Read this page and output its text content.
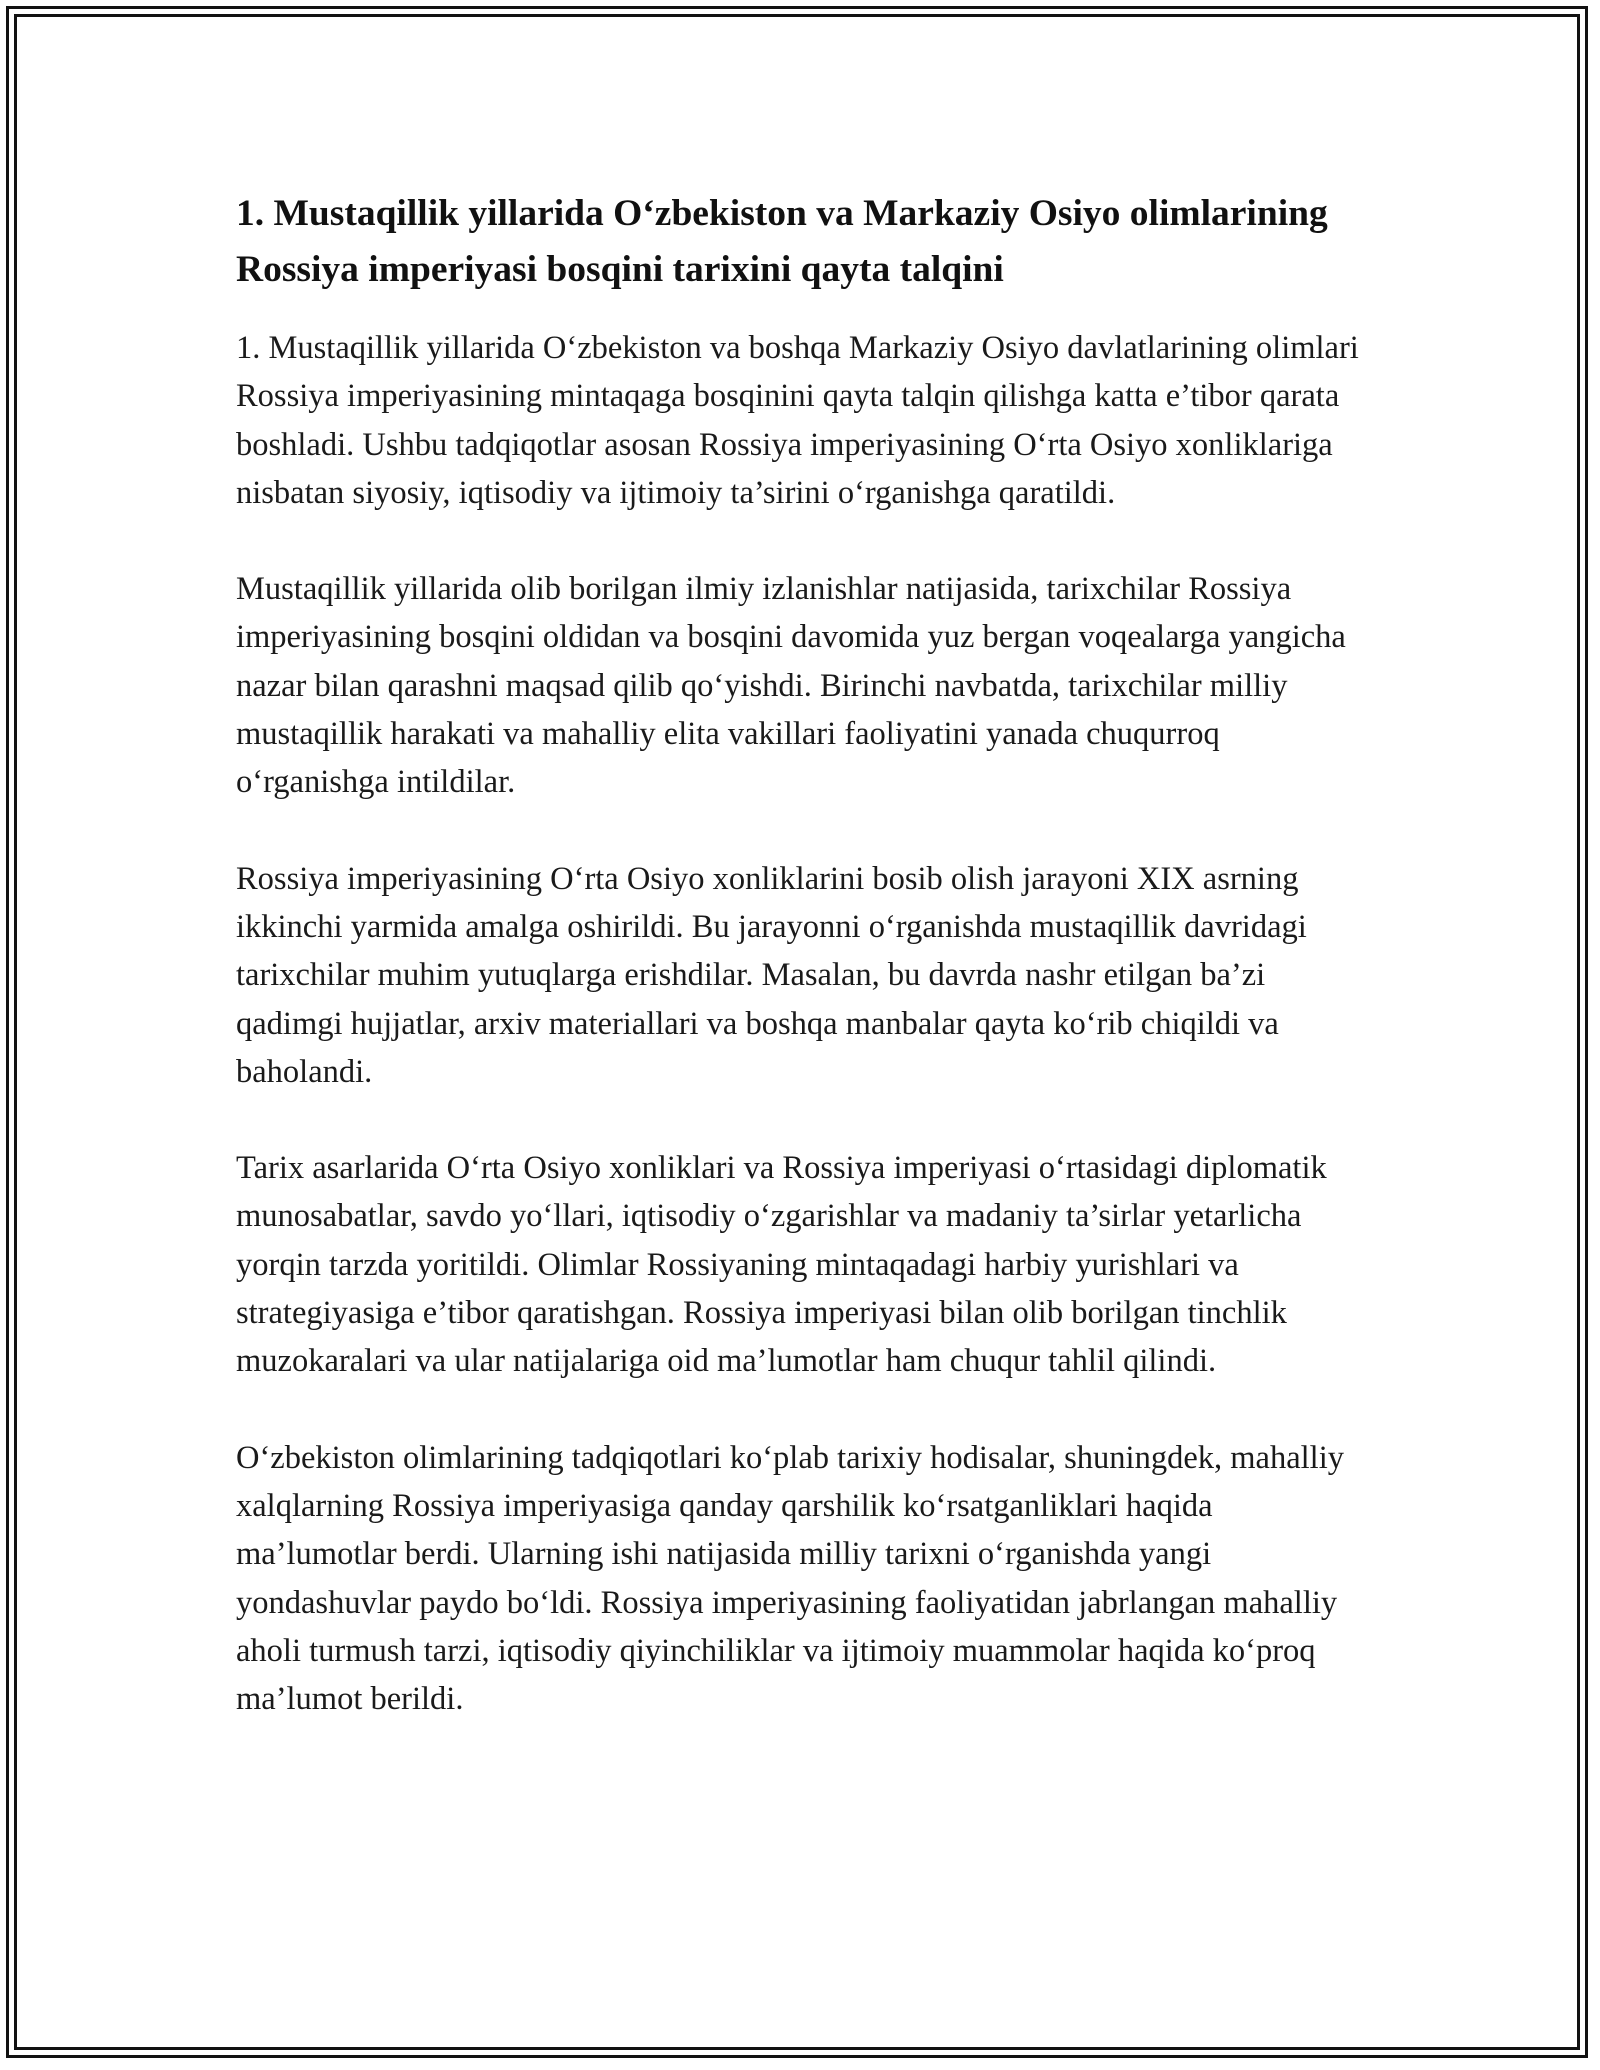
1. Mustaqillik yillarida O‘zbekiston va Markaziy Osiyo olimlarining Rossiya imperiyasi bosqini tarixini qayta talqini

1. Mustaqillik yillarida O‘zbekiston va boshqa Markaziy Osiyo davlatlarining olimlari Rossiya imperiyasining mintaqaga bosqinini qayta talqin qilishga katta e’tibor qarata boshladi. Ushbu tadqiqotlar asosan Rossiya imperiyasining O‘rta Osiyo xonliklariga nisbatan siyosiy, iqtisodiy va ijtimoiy ta’sirini o‘rganishga qaratildi.

Mustaqillik yillarida olib borilgan ilmiy izlanishlar natijasida, tarixchilar Rossiya imperiyasining bosqini oldidan va bosqini davomida yuz bergan voqealarga yangicha nazar bilan qarashni maqsad qilib qo‘yishdi. Birinchi navbatda, tarixchilar milliy mustaqillik harakati va mahalliy elita vakillari faoliyatini yanada chuqurroq o‘rganishga intildilar.

Rossiya imperiyasining O‘rta Osiyo xonliklarini bosib olish jarayoni XIX asrning ikkinchi yarmida amalga oshirildi. Bu jarayonni o‘rganishda mustaqillik davridagi tarixchilar muhim yutuqlarga erishdilar. Masalan, bu davrda nashr etilgan ba’zi qadimgi hujjatlar, arxiv materiallari va boshqa manbalar qayta ko‘rib chiqildi va baholandi.

Tarix asarlarida O‘rta Osiyo xonliklari va Rossiya imperiyasi o‘rtasidagi diplomatik munosabatlar, savdo yo‘llari, iqtisodiy o‘zgarishlar va madaniy ta’sirlar yetarlicha yorqin tarzda yoritildi. Olimlar Rossiyaning mintaqadagi harbiy yurishlari va strategiyasiga e’tibor qaratishgan. Rossiya imperiyasi bilan olib borilgan tinchlik muzokaralari va ular natijalariga oid ma’lumotlar ham chuqur tahlil qilindi.

O‘zbekiston olimlarining tadqiqotlari ko‘plab tarixiy hodisalar, shuningdek, mahalliy xalqlarning Rossiya imperiyasiga qanday qarshilik ko‘rsatganliklari haqida ma’lumotlar berdi. Ularning ishi natijasida milliy tarixni o‘rganishda yangi yondashuvlar paydo bo‘ldi. Rossiya imperiyasining faoliyatidan jabrlangan mahalliy aholi turmush tarzi, iqtisodiy qiyinchiliklar va ijtimoiy muammolar haqida ko‘proq ma’lumot berildi.
